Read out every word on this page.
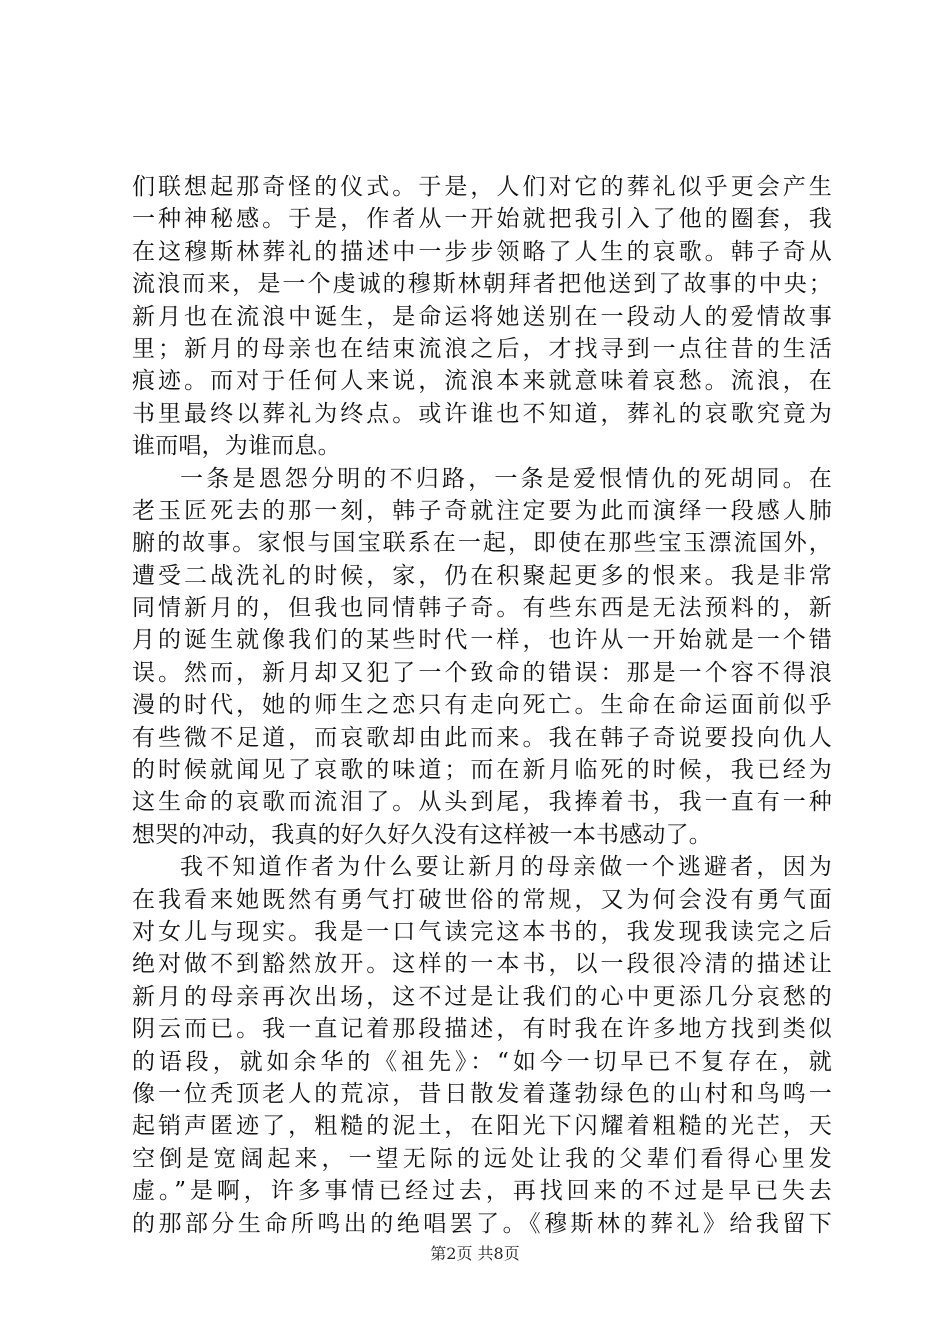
们联想起那奇怪的仪式。于是，人们对它的葬礼似乎更会产生
一种神秘感。于是，作者从一开始就把我引入了他的圈套，我
在这穆斯林葬礼的描述中一步步领略了人生的哀歌。韩子奇从
流浪而来，是一个虔诚的穆斯林朝拜者把他送到了故事的中央；
新月也在流浪中诞生，是命运将她送别在一段动人的爱情故事
里；新月的母亲也在结束流浪之后，才找寻到一点往昔的生活
痕迹。而对于任何人来说，流浪本来就意味着哀愁。流浪，在
书里最终以葬礼为终点。或许谁也不知道，葬礼的哀歌究竟为
谁而唱，为谁而息。
一条是恩怨分明的不归路，一条是爱恨情仇的死胡同。在
老玉匠死去的那一刻，韩子奇就注定要为此而演绎一段感人肺
腑的故事。家恨与国宝联系在一起，即使在那些宝玉漂流国外，
遭受二战洗礼的时候，家，仍在积聚起更多的恨来。我是非常
同情新月的，但我也同情韩子奇。有些东西是无法预料的，新
月的诞生就像我们的某些时代一样，也许从一开始就是一个错
误。然而，新月却又犯了一个致命的错误：那是一个容不得浪
漫的时代，她的师生之恋只有走向死亡。生命在命运面前似乎
有些微不足道，而哀歌却由此而来。我在韩子奇说要投向仇人
的时候就闻见了哀歌的味道；而在新月临死的时候，我已经为
这生命的哀歌而流泪了。从头到尾，我捧着书，我一直有一种
想哭的冲动，我真的好久好久没有这样被一本书感动了。
我不知道作者为什么要让新月的母亲做一个逃避者，因为
在我看来她既然有勇气打破世俗的常规，又为何会没有勇气面
对女儿与现实。我是一口气读完这本书的，我发现我读完之后
绝对做不到豁然放开。这样的一本书，以一段很冷清的描述让
新月的母亲再次出场，这不过是让我们的心中更添几分哀愁的
阴云而已。我一直记着那段描述，有时我在许多地方找到类似
的语段，就如余华的《祖先》：“如今一切早已不复存在，就
像一位秃顶老人的荒凉，昔日散发着蓬勃绿色的山村和鸟鸣一
起销声匿迹了，粗糙的泥土，在阳光下闪耀着粗糙的光芒，天
空倒是宽阔起来，一望无际的远处让我的父辈们看得心里发
虚。”是啊，许多事情已经过去，再找回来的不过是早已失去
的那部分生命所鸣出的绝唱罢了。《穆斯林的葬礼》给我留下
第2页 共8页
